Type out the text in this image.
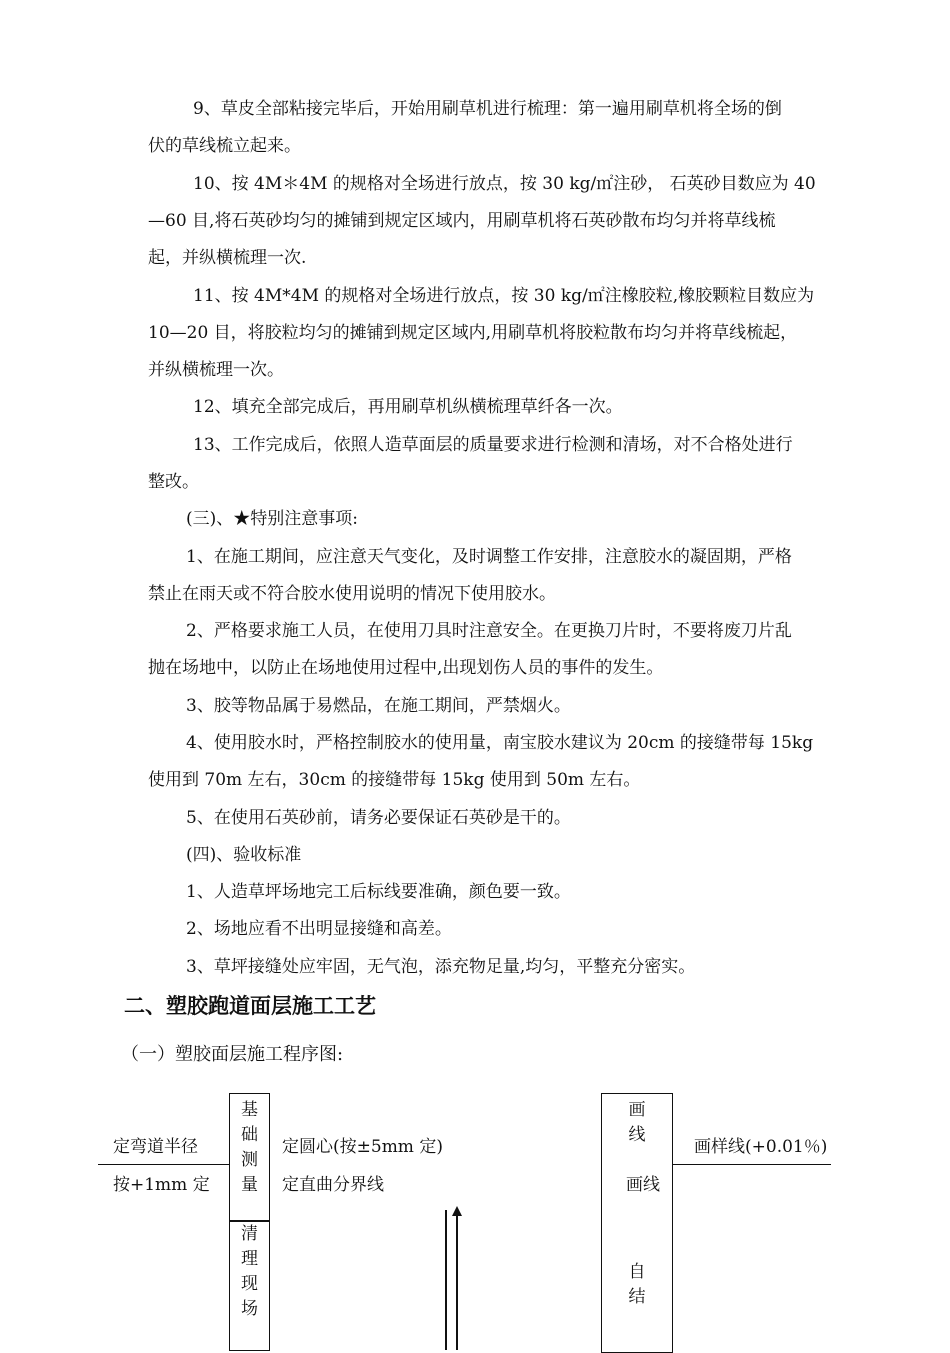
9、草皮全部粘接完毕后，开始用刷草机进行梳理：第一遍用刷草机将全场的倒
伏的草线梳立起来。
10、按 4M＊4M 的规格对全场进行放点，按 30 kg/㎡注砂， 石英砂目数应为 40
—60 目,将石英砂均匀的摊铺到规定区域内，用刷草机将石英砂散布均匀并将草线梳
起，并纵横梳理一次.
11、按 4M*4M 的规格对全场进行放点，按 30 kg/㎡注橡胶粒,橡胶颗粒目数应为
10—20 目，将胶粒均匀的摊铺到规定区域内,用刷草机将胶粒散布均匀并将草线梳起，
并纵横梳理一次。
12、填充全部完成后，再用刷草机纵横梳理草纤各一次。
13、工作完成后，依照人造草面层的质量要求进行检测和清场，对不合格处进行
整改。
(三)、★特别注意事项:
1、在施工期间，应注意天气变化，及时调整工作安排，注意胶水的凝固期，严格
禁止在雨天或不符合胶水使用说明的情况下使用胶水。
2、严格要求施工人员，在使用刀具时注意安全。在更换刀片时，不要将废刀片乱
抛在场地中，以防止在场地使用过程中,出现划伤人员的事件的发生。
3、胶等物品属于易燃品，在施工期间，严禁烟火。
4、使用胶水时，严格控制胶水的使用量，南宝胶水建议为 20cm 的接缝带每 15kg
使用到 70m 左右，30cm 的接缝带每 15kg 使用到 50m 左右。
5、在使用石英砂前，请务必要保证石英砂是干的。
(四)、验收标准
1、人造草坪场地完工后标线要准确，颜色要一致。
2、场地应看不出明显接缝和高差。
3、草坪接缝处应牢固，无气泡，添充物足量,均匀，平整充分密实。
二、塑胶跑道面层施工工艺
（一）塑胶面层施工程序图:
定弯道半径
按+1mm 定
基
础
测
量
清
理
现
场
定圆心(按±5mm 定)
定直曲分界线
画
线
画线
自
结
画样线(+0.01％)
